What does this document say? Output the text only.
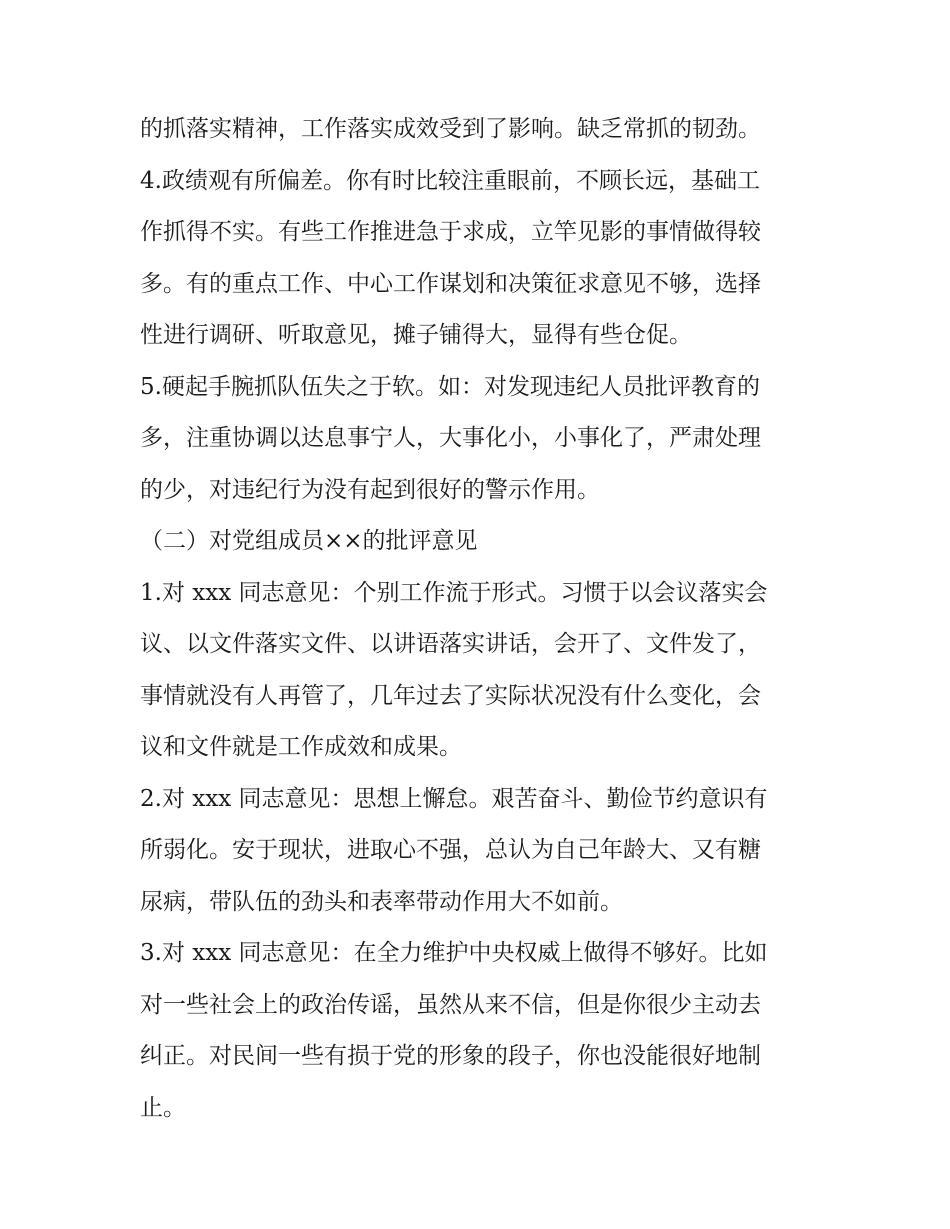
的抓落实精神，工作落实成效受到了影响。缺乏常抓的韧劲。
4.政绩观有所偏差。你有时比较注重眼前，不顾长远，基础工
作抓得不实。有些工作推进急于求成，立竿见影的事情做得较
多。有的重点工作、中心工作谋划和决策征求意见不够，选择
性进行调研、听取意见，摊子铺得大，显得有些仓促。
5.硬起手腕抓队伍失之于软。如：对发现违纪人员批评教育的
多，注重协调以达息事宁人，大事化小，小事化了，严肃处理
的少，对违纪行为没有起到很好的警示作用。
（二）对党组成员××的批评意见
1.对 xxx 同志意见：个别工作流于形式。习惯于以会议落实会
议、以文件落实文件、以讲语落实讲话，会开了、文件发了，
事情就没有人再管了，几年过去了实际状况没有什么变化，会
议和文件就是工作成效和成果。
2.对 xxx 同志意见：思想上懈怠。艰苦奋斗、勤俭节约意识有
所弱化。安于现状，进取心不强，总认为自己年龄大、又有糖
尿病，带队伍的劲头和表率带动作用大不如前。
3.对 xxx 同志意见：在全力维护中央权威上做得不够好。比如
对一些社会上的政治传谣，虽然从来不信，但是你很少主动去
纠正。对民间一些有损于党的形象的段子，你也没能很好地制
止。
